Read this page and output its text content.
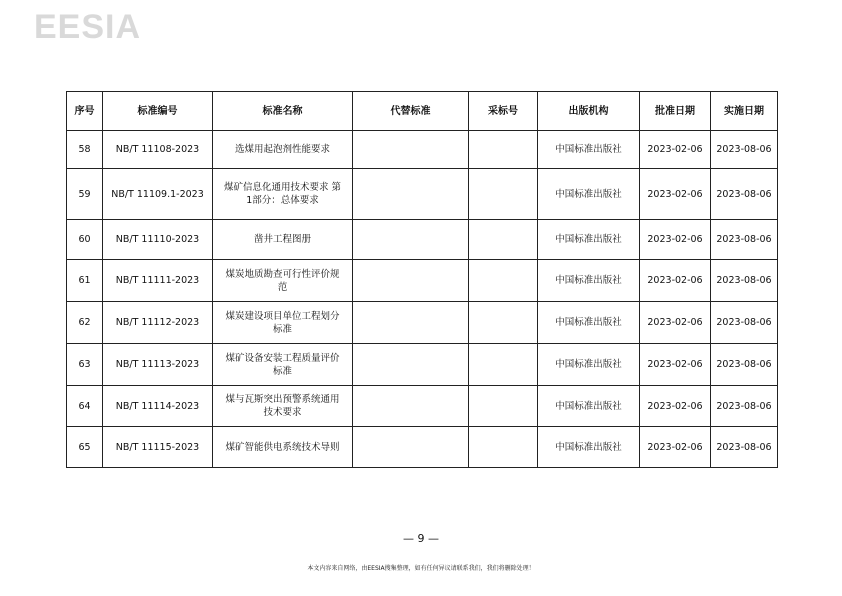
EESIA
序号	标准编号	标准名称	代替标准	采标号	出版机构	批准日期	实施日期
58	NB/T 11108-2023	选煤用起泡剂性能要求			中国标准出版社	2023-02-06	2023-08-06
59	NB/T 11109.1-2023	煤矿信息化通用技术要求 第1部分：总体要求			中国标准出版社	2023-02-06	2023-08-06
60	NB/T 11110-2023	凿井工程图册			中国标准出版社	2023-02-06	2023-08-06
61	NB/T 11111-2023	煤炭地质勘查可行性评价规范			中国标准出版社	2023-02-06	2023-08-06
62	NB/T 11112-2023	煤炭建设项目单位工程划分标准			中国标准出版社	2023-02-06	2023-08-06
63	NB/T 11113-2023	煤矿设备安装工程质量评价标准			中国标准出版社	2023-02-06	2023-08-06
64	NB/T 11114-2023	煤与瓦斯突出预警系统通用技术要求			中国标准出版社	2023-02-06	2023-08-06
65	NB/T 11115-2023	煤矿智能供电系统技术导则			中国标准出版社	2023-02-06	2023-08-06
— 9 —
本文内容来自网络，由EESIA搜集整理，如有任何异议请联系我们，我们将删除处理！
